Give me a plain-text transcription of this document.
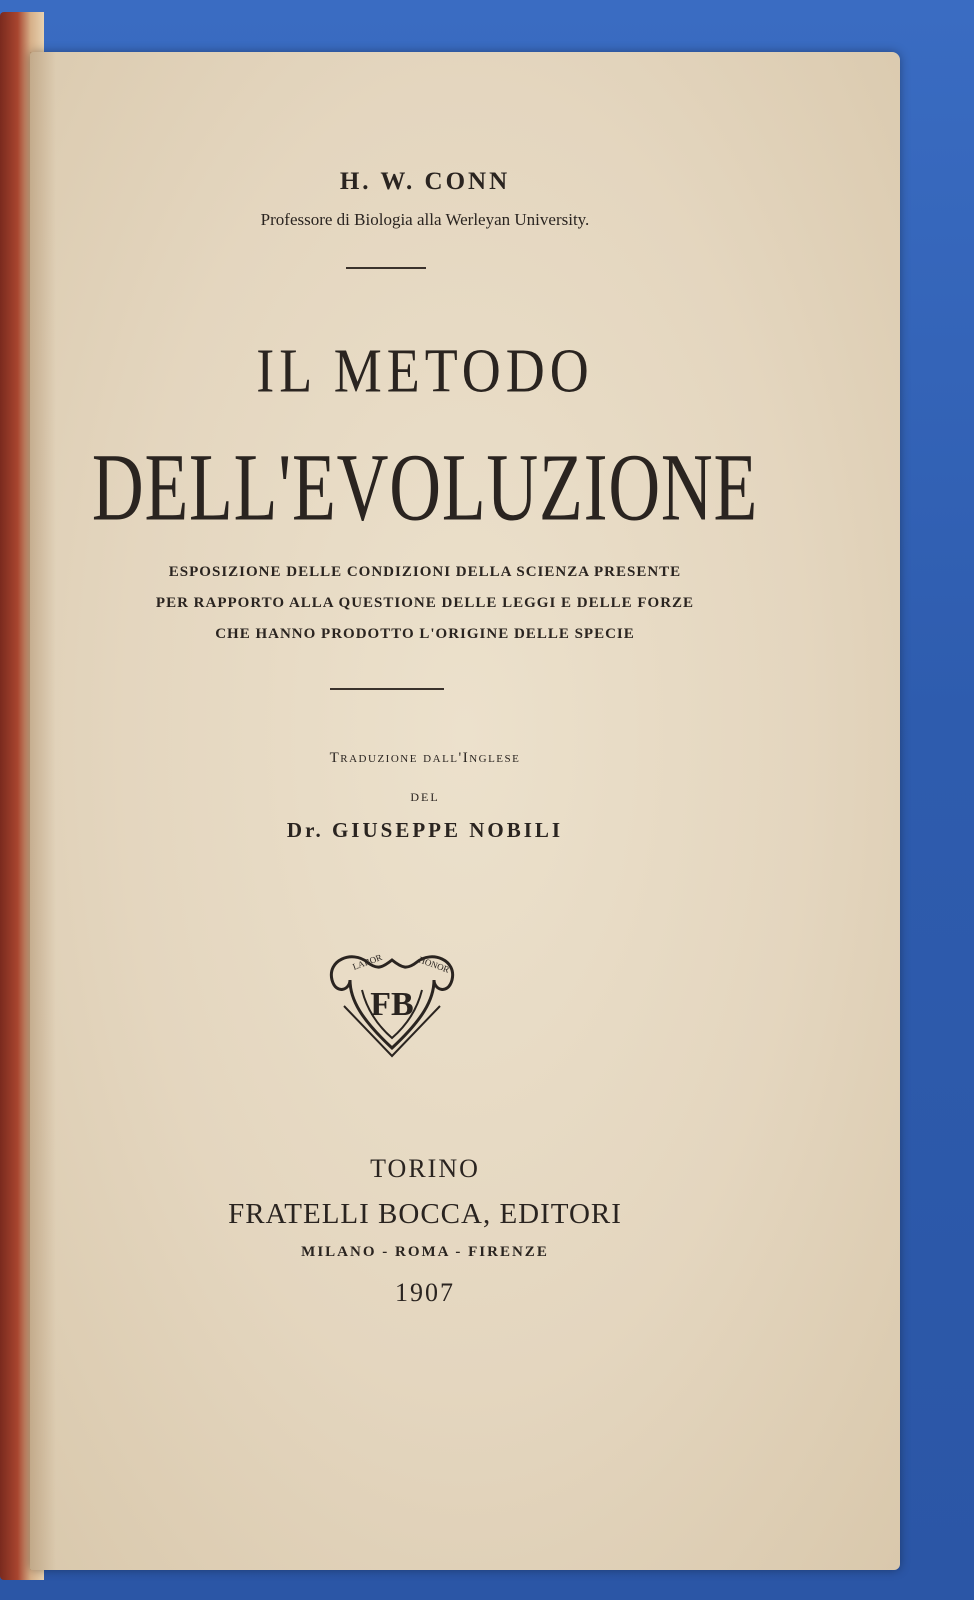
H. W. CONN

Professore di Biologia alla Werleyan University.

IL METODO

DELL'EVOLUZIONE

ESPOSIZIONE DELLE CONDIZIONI DELLA SCIENZA PRESENTE

PER RAPPORTO ALLA QUESTIONE DELLE LEGGI E DELLE FORZE

CHE HANNO PRODOTTO L'ORIGINE DELLE SPECIE

Traduzione dall'Inglese

DEL

Dr. GIUSEPPE NOBILI

FB
LABOR	HONOR

TORINO

FRATELLI BOCCA, EDITORI

MILANO - ROMA - FIRENZE

1907
